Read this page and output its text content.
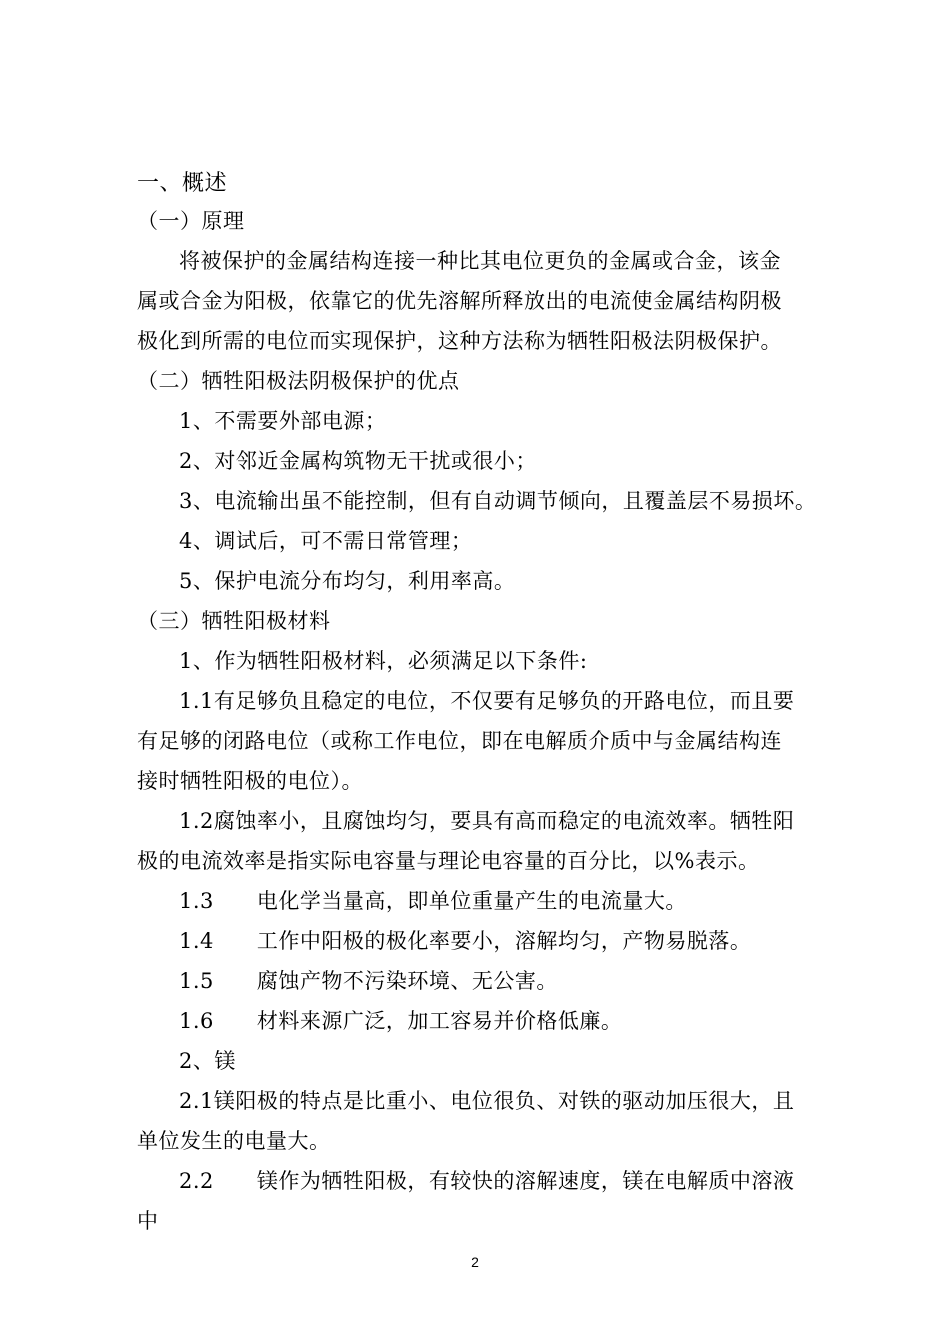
一、概述
（一）原理
将被保护的金属结构连接一种比其电位更负的金属或合金，该金
属或合金为阳极，依靠它的优先溶解所释放出的电流使金属结构阴极
极化到所需的电位而实现保护，这种方法称为牺牲阳极法阴极保护。
（二）牺牲阳极法阴极保护的优点
1、不需要外部电源；
2、对邻近金属构筑物无干扰或很小；
3、电流输出虽不能控制，但有自动调节倾向，且覆盖层不易损坏。
4、调试后，可不需日常管理；
5、保护电流分布均匀，利用率高。
（三）牺牲阳极材料
1、作为牺牲阳极材料，必须满足以下条件:
1.1有足够负且稳定的电位，不仅要有足够负的开路电位，而且要
有足够的闭路电位（或称工作电位，即在电解质介质中与金属结构连
接时牺牲阳极的电位）。
1.2腐蚀率小，且腐蚀均匀，要具有高而稳定的电流效率。牺牲阳
极的电流效率是指实际电容量与理论电容量的百分比，以%表示。
1.3　　电化学当量高，即单位重量产生的电流量大。
1.4　　工作中阳极的极化率要小，溶解均匀，产物易脱落。
1.5　　腐蚀产物不污染环境、无公害。
1.6　　材料来源广泛，加工容易并价格低廉。
2、镁
2.1镁阳极的特点是比重小、电位很负、对铁的驱动加压很大，且
单位发生的电量大。
2.2　　镁作为牺牲阳极，有较快的溶解速度，镁在电解质中溶液
中
2
